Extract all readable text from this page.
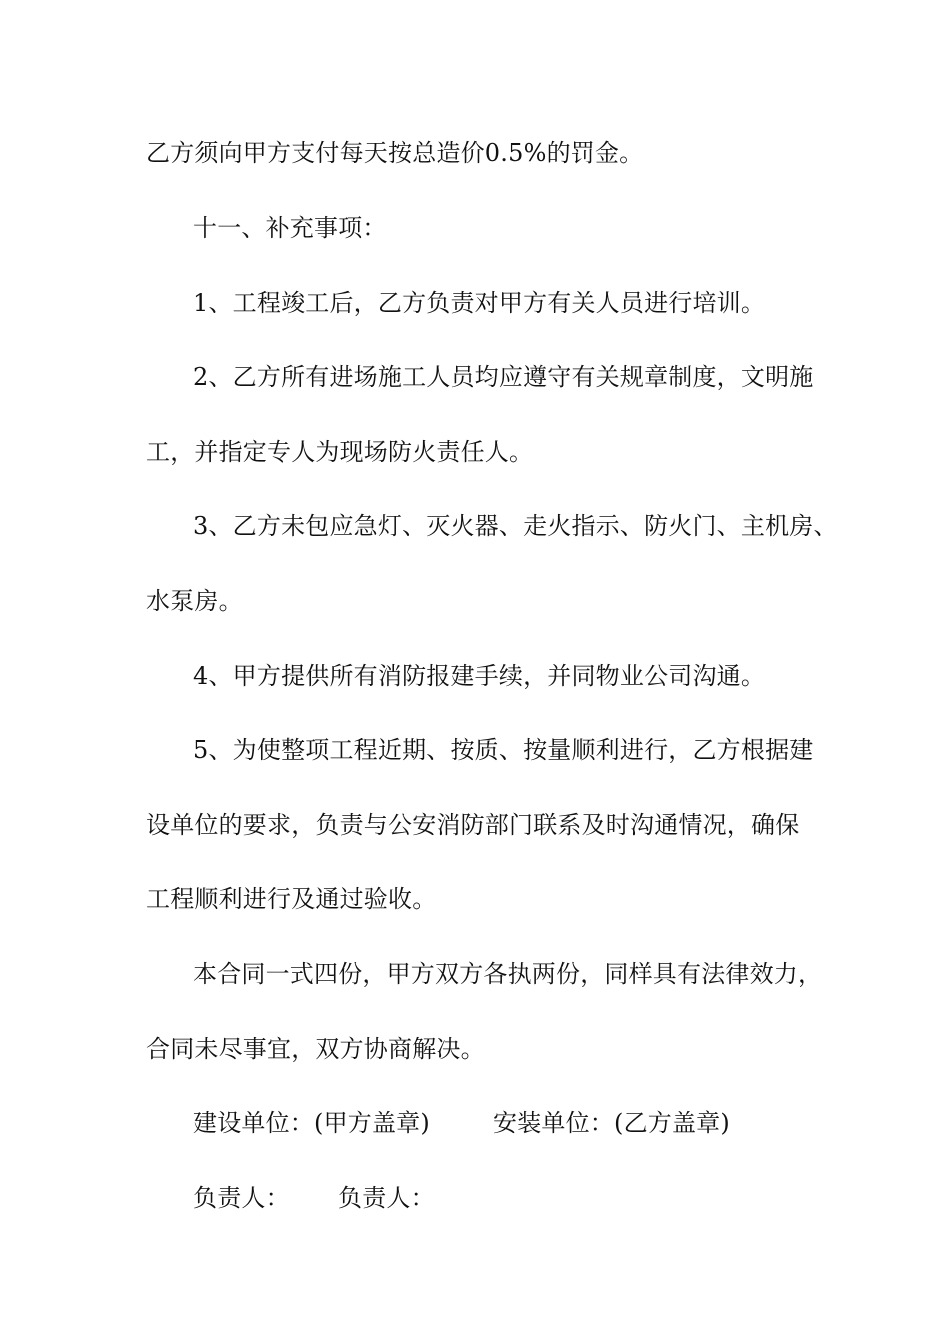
乙方须向甲方支付每天按总造价0.5%的罚金。
十一、补充事项：
1、工程竣工后，乙方负责对甲方有关人员进行培训。
2、乙方所有进场施工人员均应遵守有关规章制度，文明施
工，并指定专人为现场防火责任人。
3、乙方未包应急灯、灭火器、走火指示、防火门、主机房、
水泵房。
4、甲方提供所有消防报建手续，并同物业公司沟通。
5、为使整项工程近期、按质、按量顺利进行，乙方根据建
设单位的要求，负责与公安消防部门联系及时沟通情况，确保
工程顺利进行及通过验收。
本合同一式四份，甲方双方各执两份，同样具有法律效力，
合同未尽事宜，双方协商解决。
建设单位：(甲方盖章)	安装单位：(乙方盖章)
负责人：	负责人：
